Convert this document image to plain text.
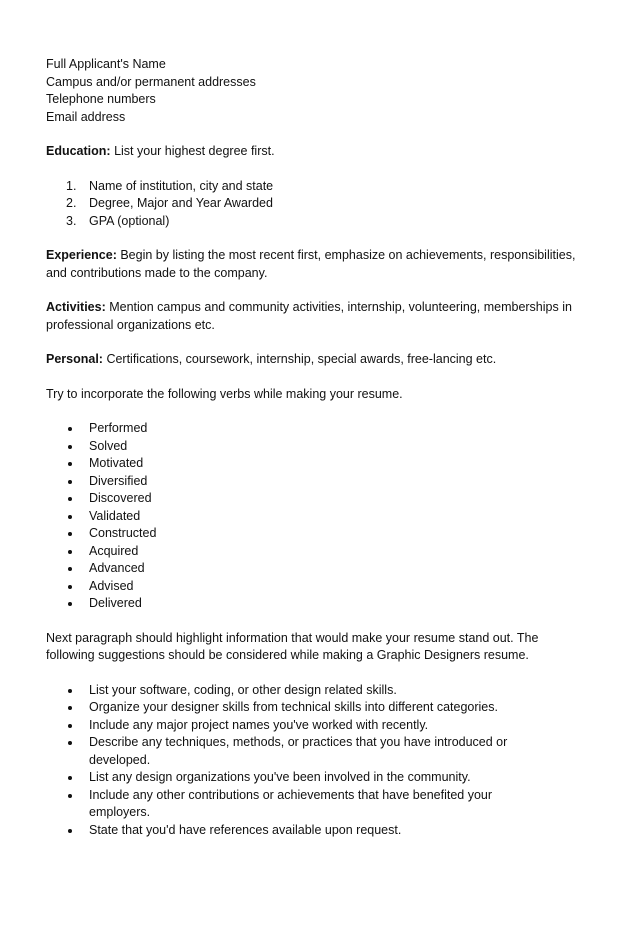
Full Applicant's Name
Campus and/or permanent addresses
Telephone numbers
Email address
Education: List your highest degree first.
1. Name of institution, city and state
2. Degree, Major and Year Awarded
3. GPA (optional)
Experience: Begin by listing the most recent first, emphasize on achievements, responsibilities, and contributions made to the company.
Activities: Mention campus and community activities, internship, volunteering, memberships in professional organizations etc.
Personal: Certifications, coursework, internship, special awards, free-lancing etc.
Try to incorporate the following verbs while making your resume.
Performed
Solved
Motivated
Diversified
Discovered
Validated
Constructed
Acquired
Advanced
Advised
Delivered
Next paragraph should highlight information that would make your resume stand out. The following suggestions should be considered while making a Graphic Designers resume.
List your software, coding, or other design related skills.
Organize your designer skills from technical skills into different categories.
Include any major project names you've worked with recently.
Describe any techniques, methods, or practices that you have introduced or developed.
List any design organizations you've been involved in the community.
Include any other contributions or achievements that have benefited your employers.
State that you'd have references available upon request.
